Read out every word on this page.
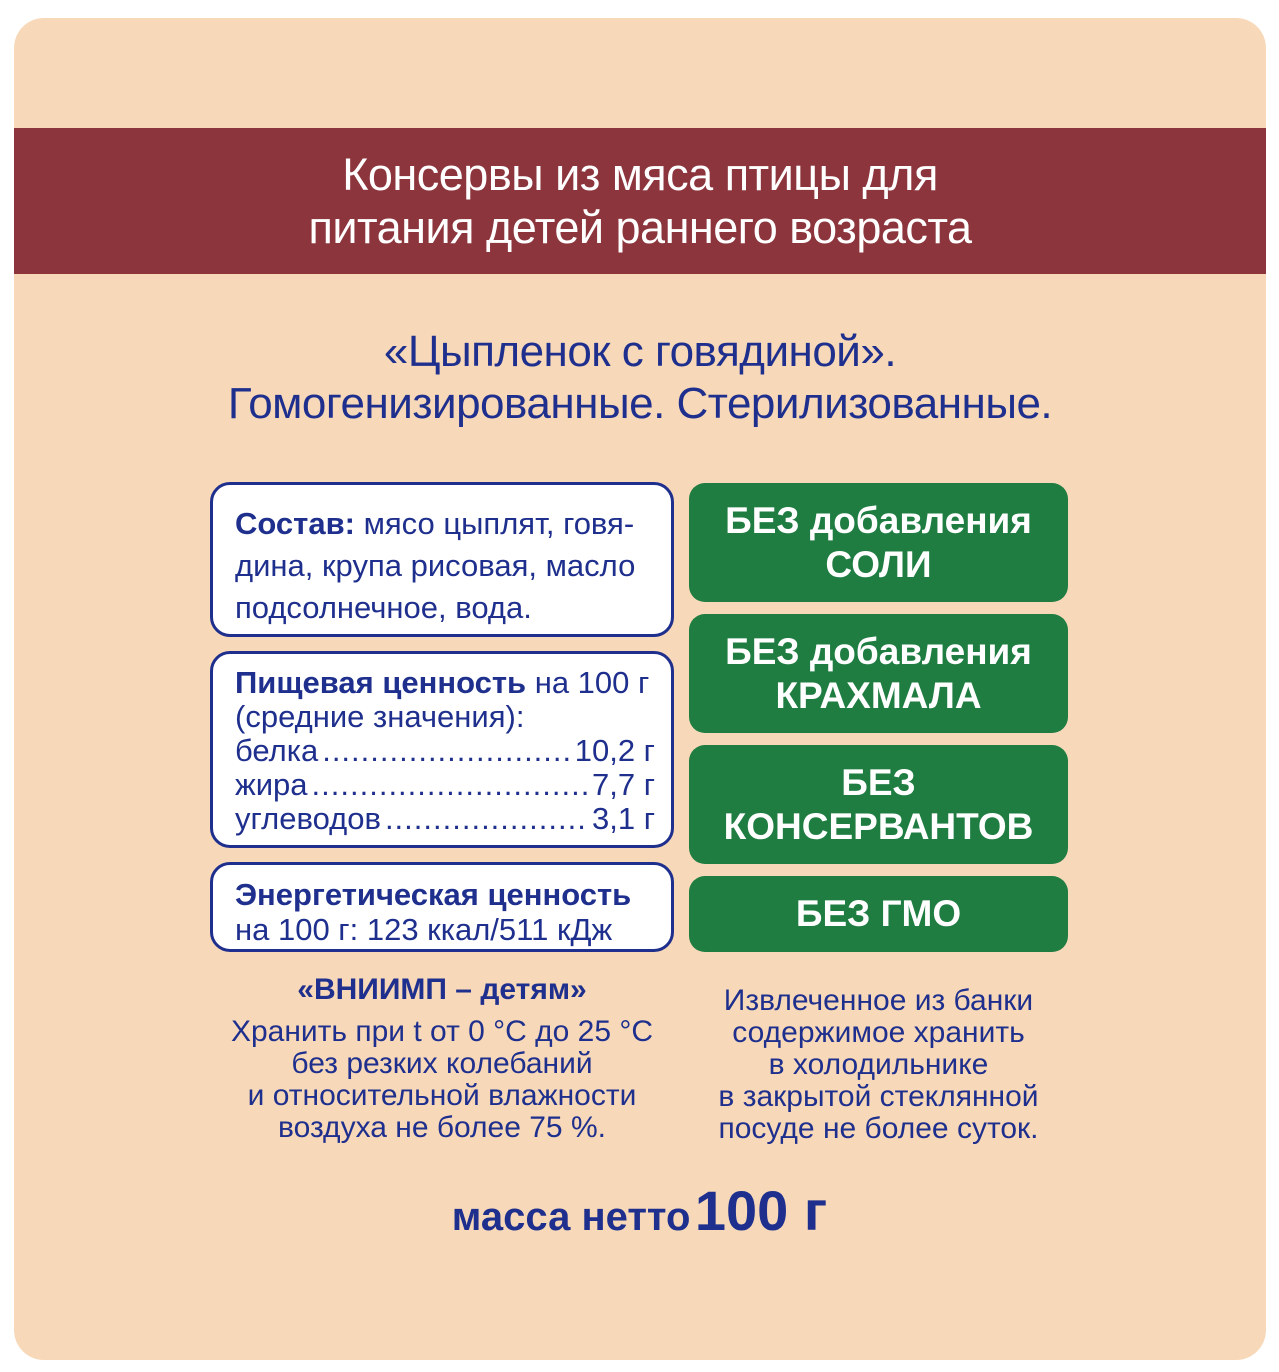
Консервы из мяса птицы для
питания детей раннего возраста
«Цыпленок с говядиной».
Гомогенизированные. Стерилизованные.
Состав: мясо цыплят, говя-
дина, крупа рисовая, масло
подсолнечное, вода.
Пищевая ценность на 100 г
(средние значения):
белка .....	10,2 г
жира .....	7,7 г
углеводов .....	3,1 г
Энергетическая ценность
на 100 г: 123 ккал/511 кДж
БЕЗ добавления
СОЛИ
БЕЗ добавления
КРАХМАЛА
БЕЗ
КОНСЕРВАНТОВ
БЕЗ ГМО
«ВНИИМП – детям»
Хранить при t от 0 °С до 25 °С
без резких колебаний
и относительной влажности
воздуха не более 75 %.
Извлеченное из банки
содержимое хранить
в холодильнике
в закрытой стеклянной
посуде не более суток.
масса нетто 100 г
